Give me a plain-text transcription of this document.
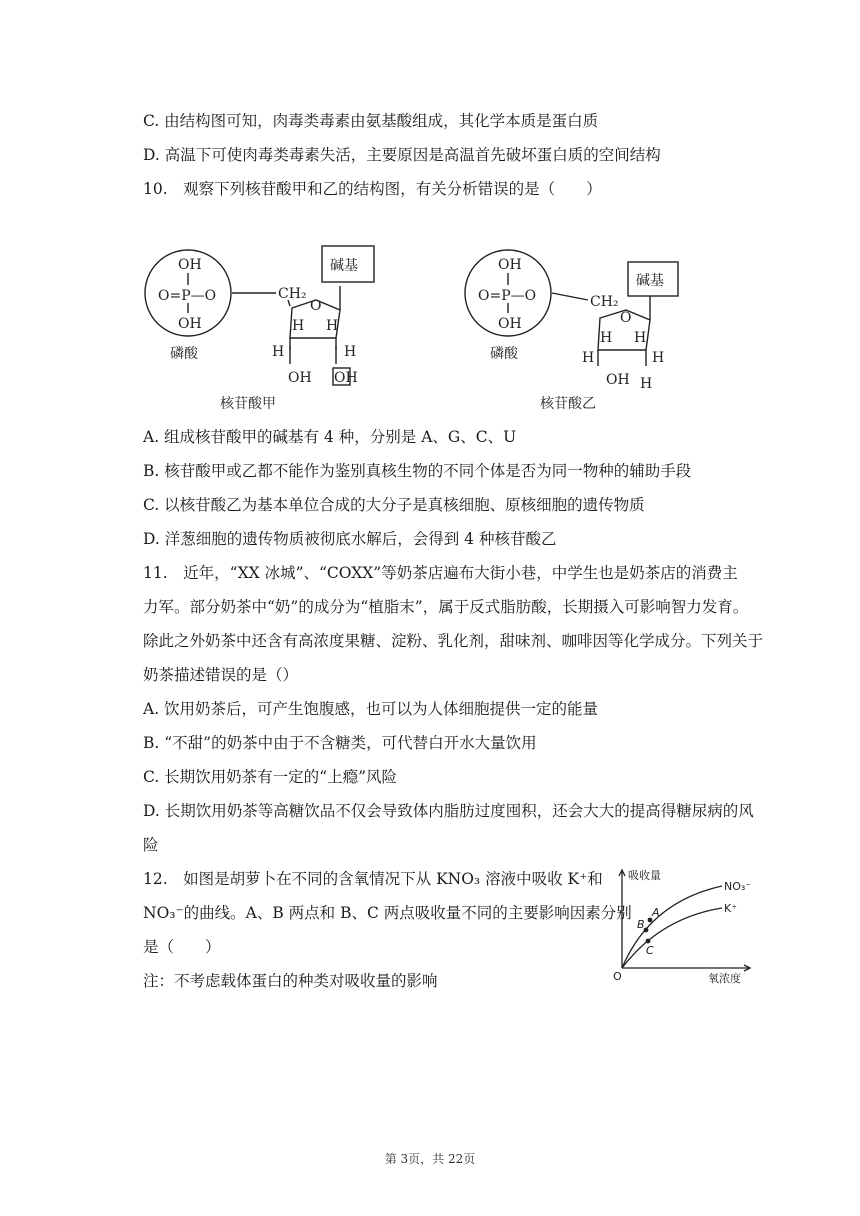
C. 由结构图可知，肉毒类毒素由氨基酸组成，其化学本质是蛋白质
D. 高温下可使肉毒类毒素失活，主要原因是高温首先破坏蛋白质的空间结构
10.　观察下列核苷酸甲和乙的结构图，有关分析错误的是（　　）
OH
O=P—O
OH
磷酸
CH₂
O
碱基
H H
H	H
OH OH
核苷酸甲
OH
O=P—O
OH
磷酸
CH₂
O
碱基
H H
H	H
OH H
核苷酸乙
A. 组成核苷酸甲的碱基有 4 种，分别是 A、G、C、U
B. 核苷酸甲或乙都不能作为鉴别真核生物的不同个体是否为同一物种的辅助手段
C. 以核苷酸乙为基本单位合成的大分子是真核细胞、原核细胞的遗传物质
D. 洋葱细胞的遗传物质被彻底水解后，会得到 4 种核苷酸乙
11.　近年，“XX 冰城”、“COXX”等奶茶店遍布大街小巷，中学生也是奶茶店的消费主
力军。部分奶茶中“奶”的成分为“植脂末”，属于反式脂肪酸，长期摄入可影响智力发育。
除此之外奶茶中还含有高浓度果糖、淀粉、乳化剂，甜味剂、咖啡因等化学成分。下列关于
奶茶描述错误的是（）
A. 饮用奶茶后，可产生饱腹感，也可以为人体细胞提供一定的能量
B. “不甜”的奶茶中由于不含糖类，可代替白开水大量饮用
C. 长期饮用奶茶有一定的“上瘾”风险
D. 长期饮用奶茶等高糖饮品不仅会导致体内脂肪过度囤积，还会大大的提高得糖尿病的风
险
12.　如图是胡萝卜在不同的含氧情况下从 KNO₃ 溶液中吸收 K⁺和
NO₃⁻的曲线。A、B 两点和 B、C 两点吸收量不同的主要影响因素分别
是（　　）
注：不考虑载体蛋白的种类对吸收量的影响
吸收量
氧浓度
O
NO₃⁻
K⁺
A
B
C
第 3页，共 22页
